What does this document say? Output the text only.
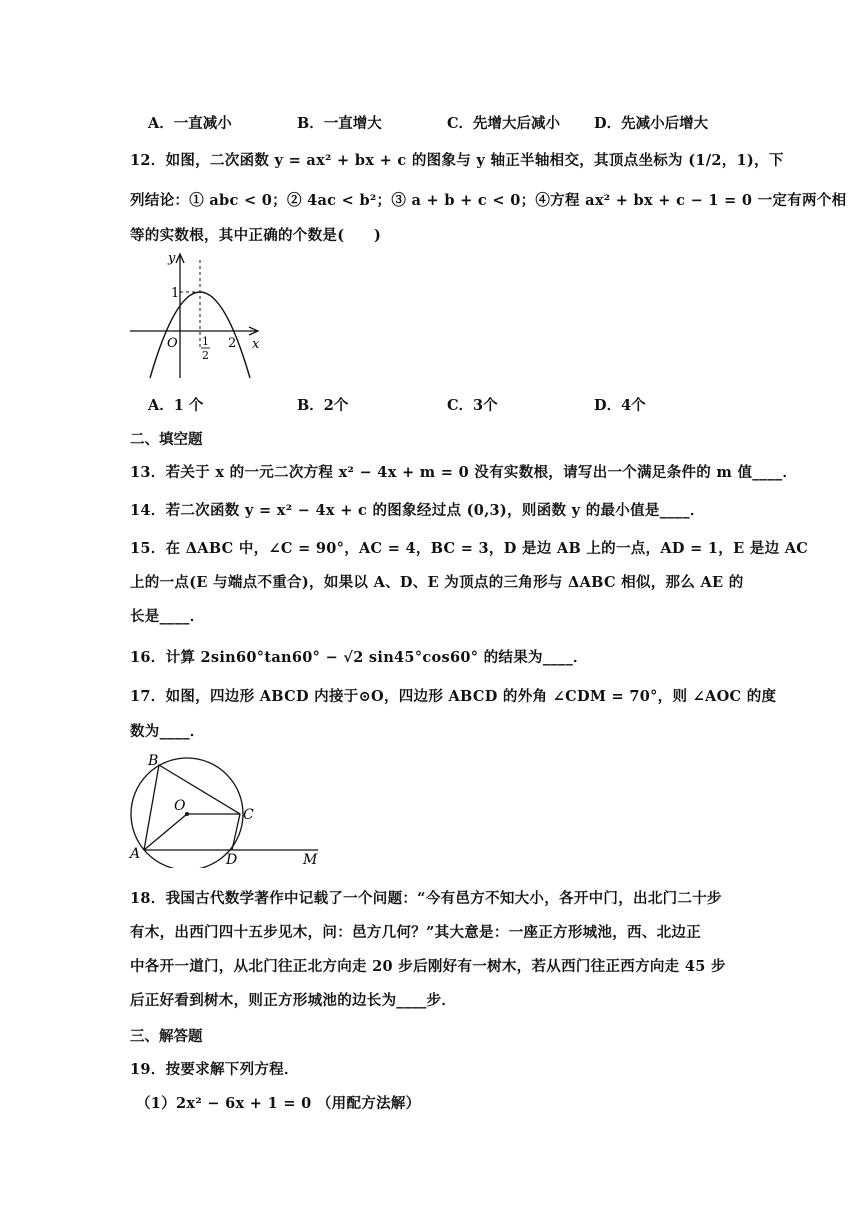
A．一直减小	B．一直增大	C．先增大后减小 D．先减小后增大
12．如图，二次函数 y = ax² + bx + c 的图象与 y 轴正半轴相交，其顶点坐标为 (1/2，1)，下
列结论：① abc < 0；② 4ac < b²；③ a + b + c < 0；④方程 ax² + bx + c − 1 = 0 一定有两个相
等的实数根，其中正确的个数是(　　)
y
x
O
1
1
2
2
A．1 个	B．2个	C．3个	D．4个
二、填空题
13．若关于 x 的一元二次方程 x² − 4x + m = 0 没有实数根，请写出一个满足条件的 m 值____．
14．若二次函数 y = x² − 4x + c 的图象经过点 (0,3)，则函数 y 的最小值是____．
15．在 ΔABC 中，∠C = 90°，AC = 4，BC = 3，D 是边 AB 上的一点，AD = 1，E 是边 AC
上的一点(E 与端点不重合)，如果以 A、D、E 为顶点的三角形与 ΔABC 相似，那么 AE 的
长是____．
16．计算 2sin60°tan60° − √2 sin45°cos60° 的结果为____．
17．如图，四边形 ABCD 内接于⊙O，四边形 ABCD 的外角 ∠CDM = 70°，则 ∠AOC 的度
数为____．
B
O
C
A	D	M
18．我国古代数学著作中记载了一个问题：“今有邑方不知大小，各开中门，出北门二十步
有木，出西门四十五步见木，问：邑方几何？”其大意是：一座正方形城池，西、北边正
中各开一道门，从北门往正北方向走 20 步后刚好有一树木，若从西门往正西方向走 45 步
后正好看到树木，则正方形城池的边长为____步．
三、解答题
19．按要求解下列方程．
（1）2x² − 6x + 1 = 0 （用配方法解）
